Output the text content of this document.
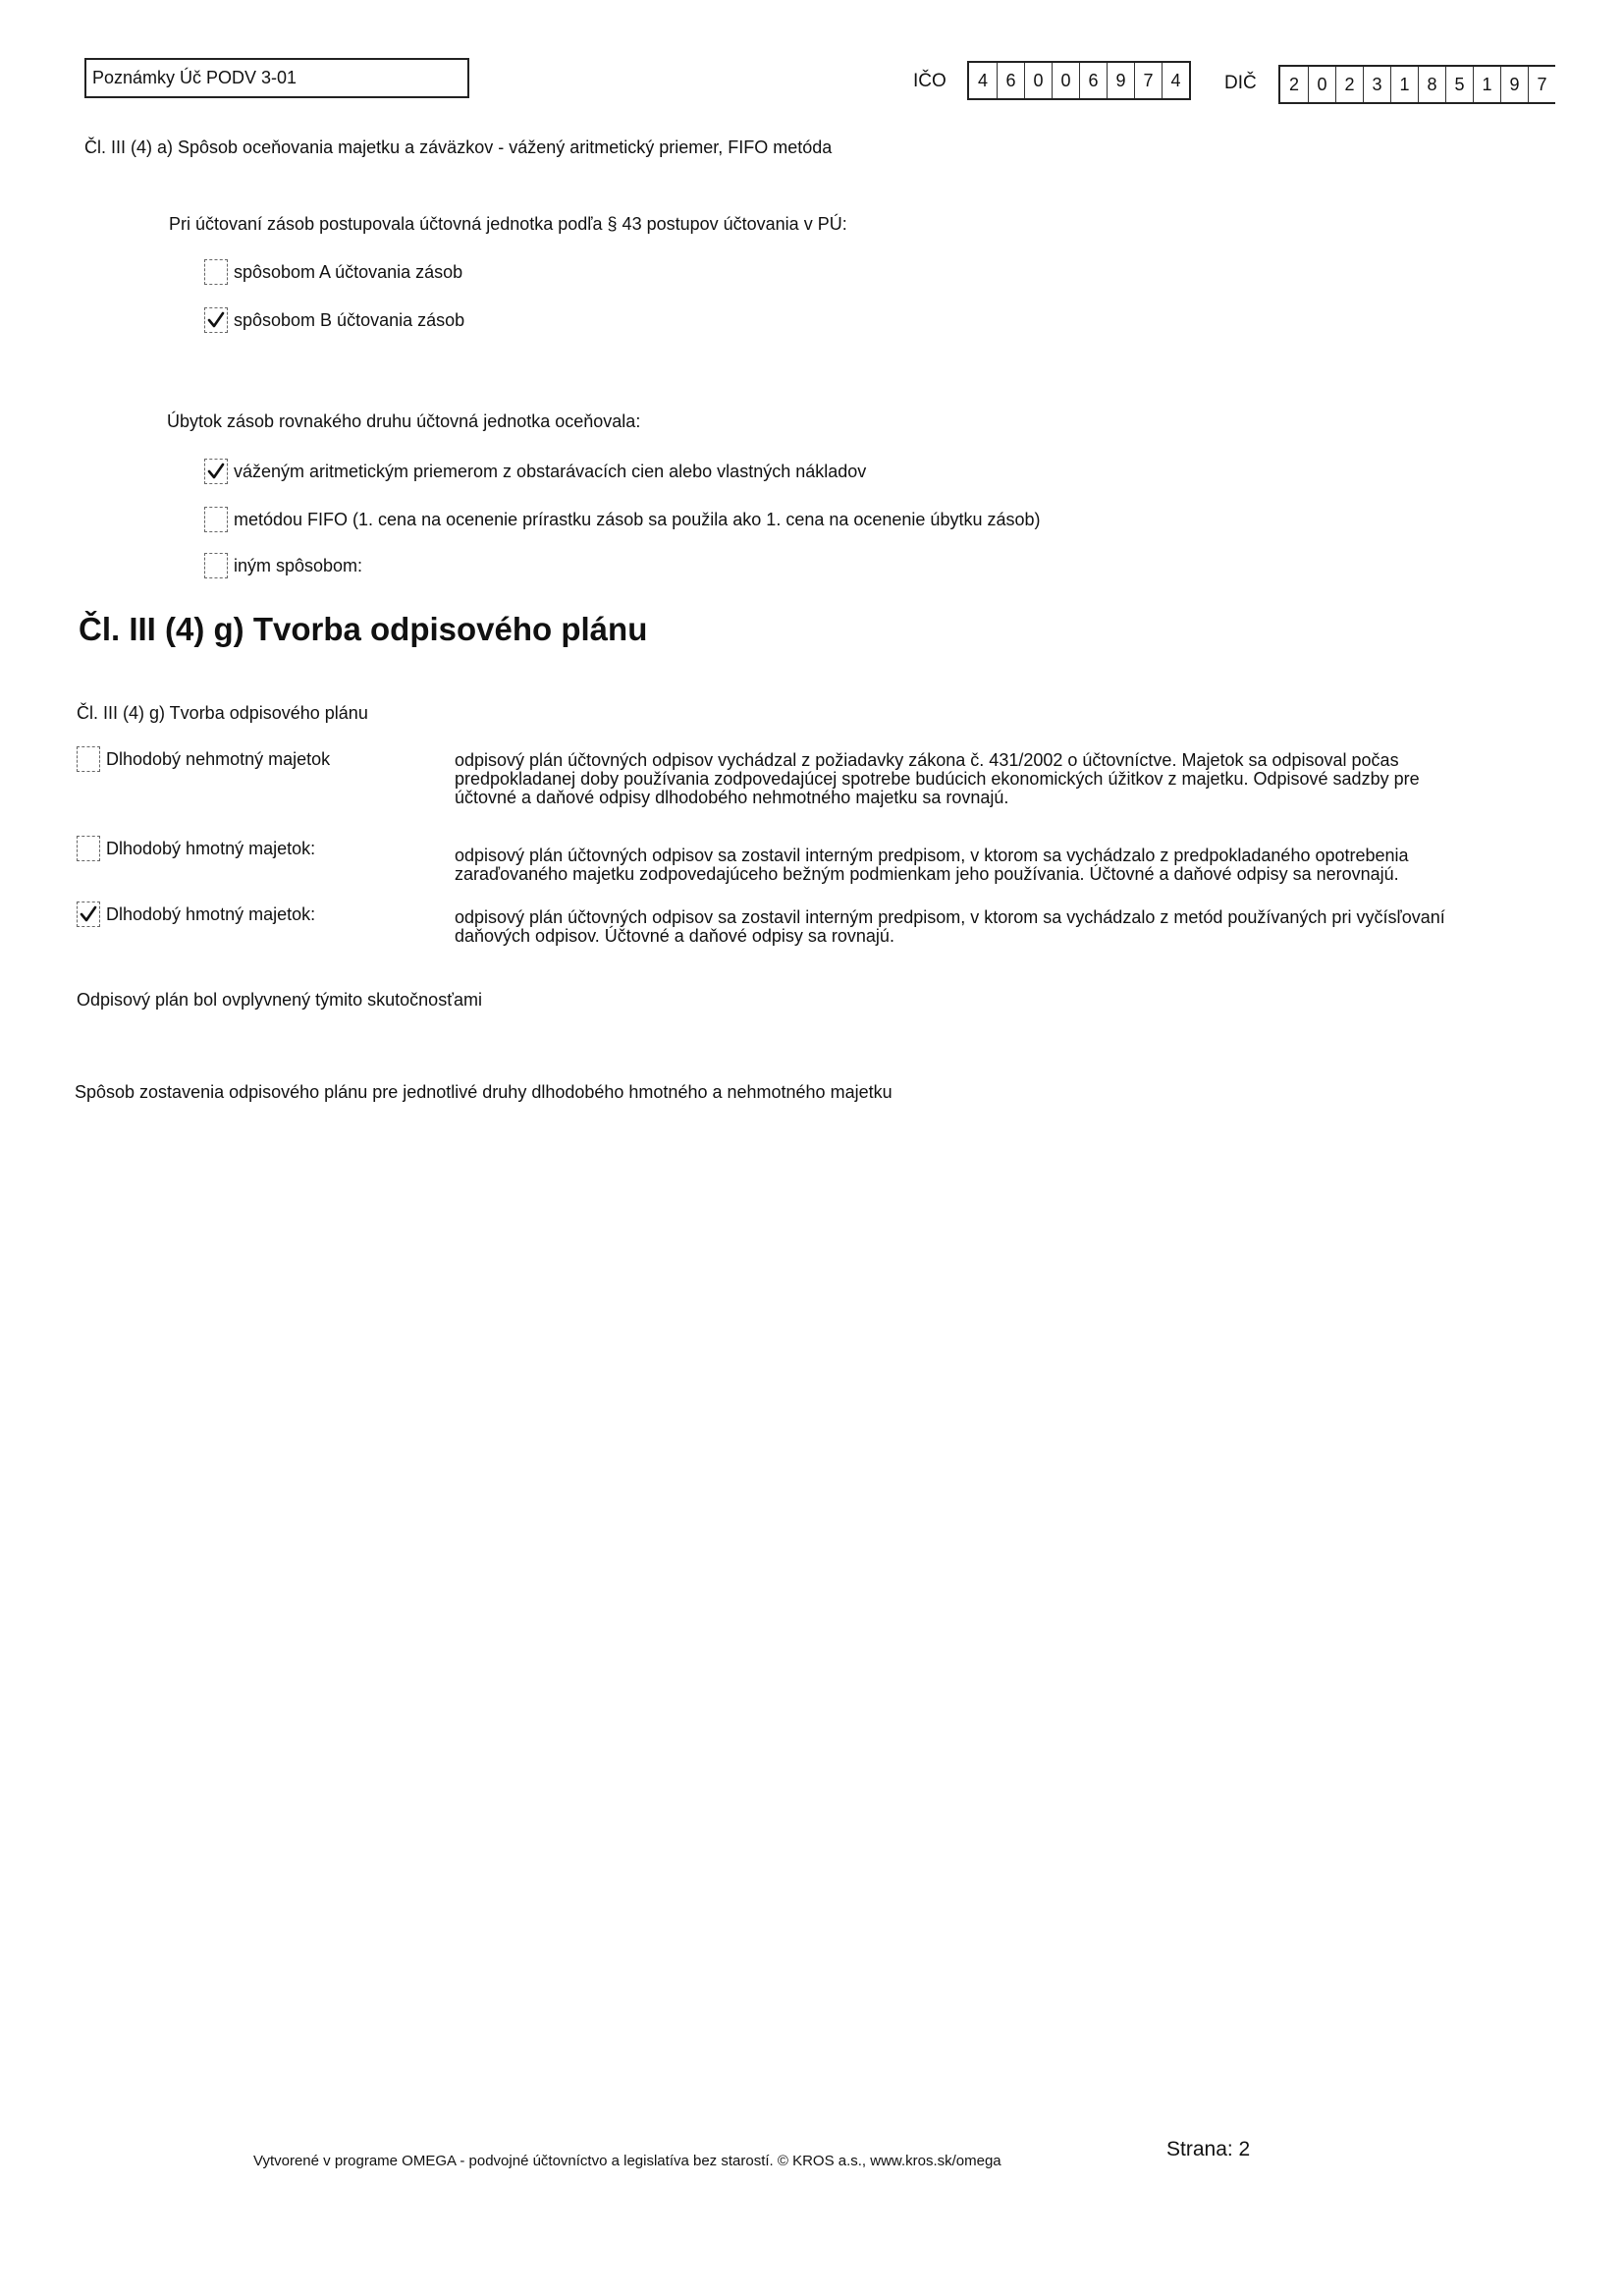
Poznámky Úč PODV 3-01	IČO	4	6 0 0 6 9 7 4	DIČ	2	0 2 3 1 8 5 1 9 7
Čl. III (4) a) Spôsob oceňovania majetku a záväzkov - vážený aritmetický priemer, FIFO metóda
Pri účtovaní zásob postupovala účtovná jednotka podľa § 43 postupov účtovania v PÚ:
spôsobom A účtovania zásob
spôsobom B účtovania zásob
Úbytok zásob rovnakého druhu účtovná jednotka oceňovala:
váženým aritmetickým priemerom z obstarávacích cien alebo vlastných nákladov
metódou FIFO (1. cena na ocenenie prírastku zásob sa použila ako 1. cena na ocenenie úbytku zásob)
iným spôsobom:
Čl. III (4) g) Tvorba odpisového plánu
Čl. III (4) g) Tvorba odpisového plánu
Dlhodobý nehmotný majetok	odpisový plán účtovných odpisov vychádzal z požiadavky zákona č. 431/2002 o účtovníctve. Majetok sa odpisoval počas predpokladanej doby používania zodpovedajúcej spotrebe budúcich ekonomických úžitkov z majetku. Odpisové sadzby pre účtovné a daňové odpisy dlhodobého nehmotného majetku sa rovnajú.
Dlhodobý hmotný majetok:	odpisový plán účtovných odpisov sa zostavil interným predpisom, v ktorom sa vychádzalo z predpokladaného opotrebenia zaraďovaného majetku zodpovedajúceho bežným podmienkam jeho používania. Účtovné a daňové odpisy sa nerovnajú.
Dlhodobý hmotný majetok:	odpisový plán účtovných odpisov sa zostavil interným predpisom, v ktorom sa vychádzalo z metód používaných pri vyčísľovaní daňových odpisov. Účtovné a daňové odpisy sa rovnajú.
Odpisový plán bol ovplyvnený týmito skutočnosťami
Spôsob zostavenia odpisového plánu pre jednotlivé druhy dlhodobého hmotného a nehmotného majetku
Vytvorené v programe OMEGA - podvojné účtovníctvo a legislatíva bez starostí. © KROS a.s., www.kros.sk/omega
Strana: 2
